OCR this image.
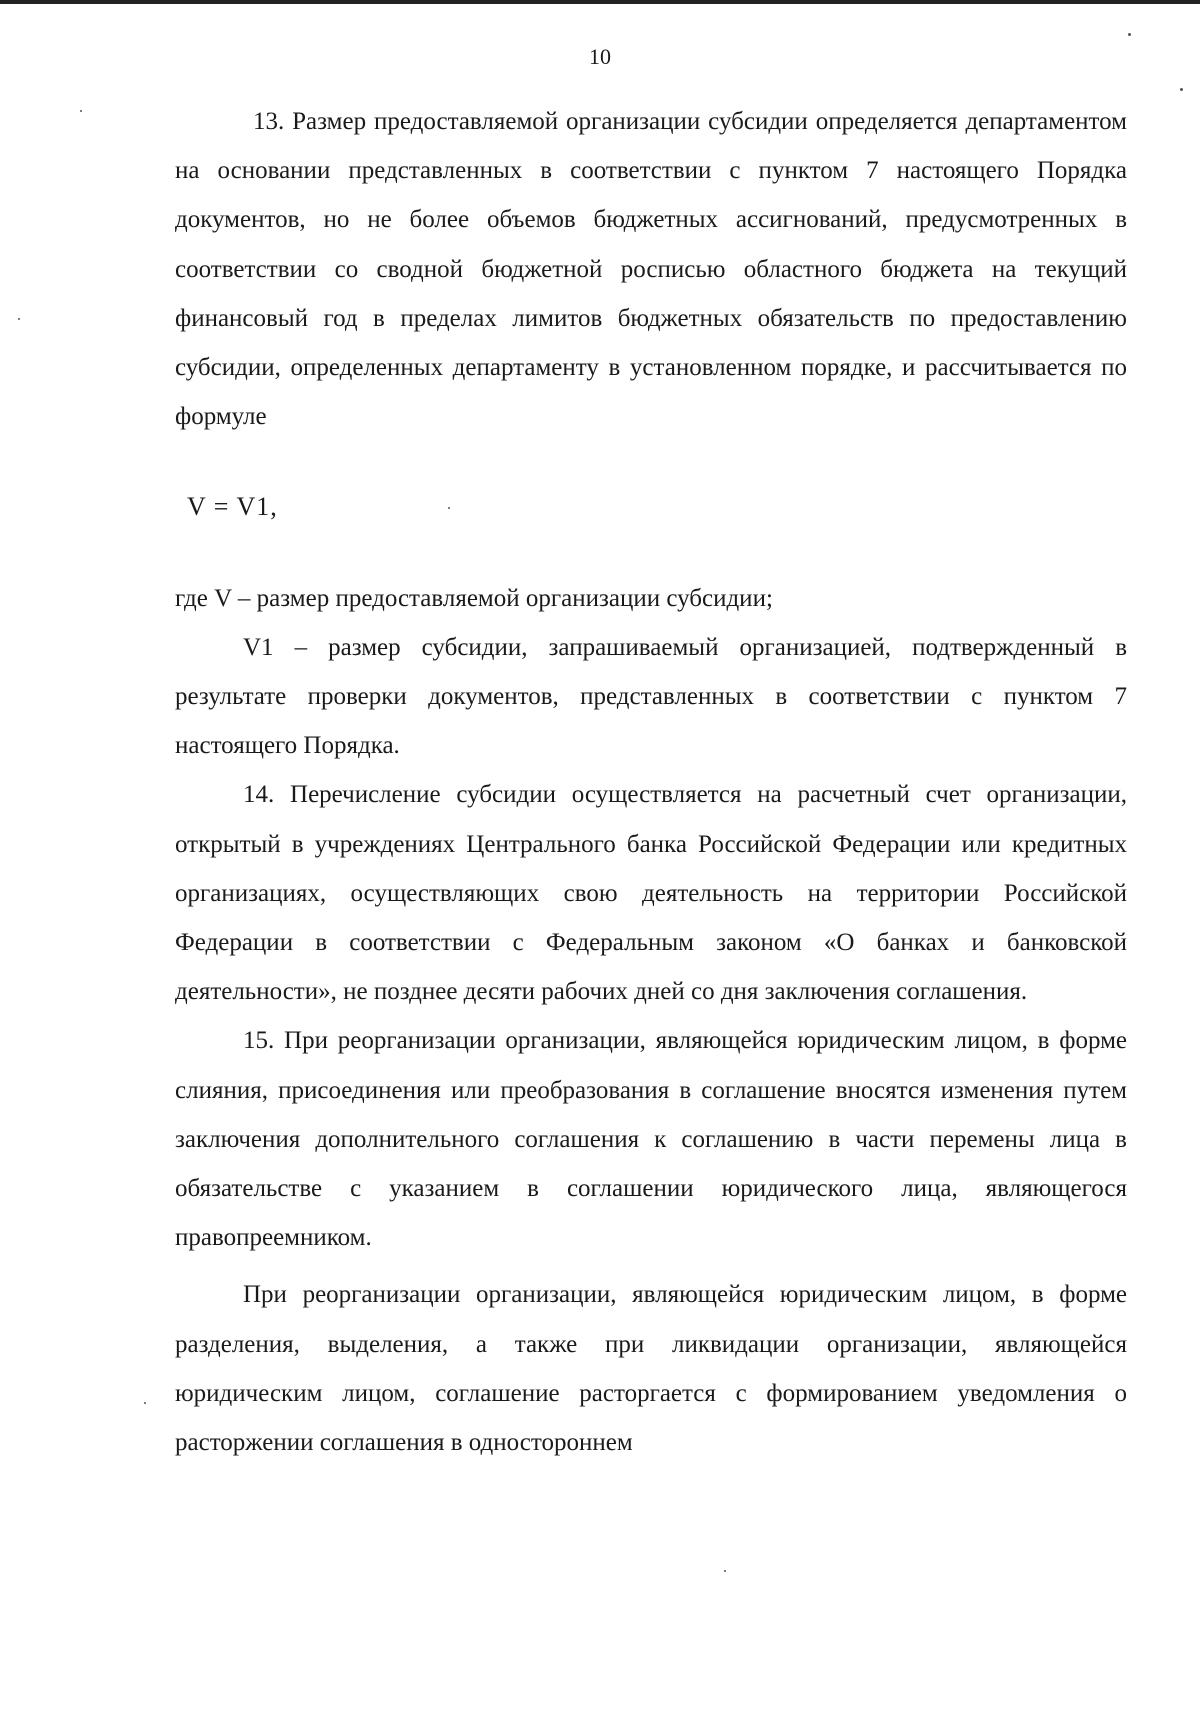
10

13. Размер предоставляемой организации субсидии определяется департаментом на основании представленных в соответствии с пунктом 7 настоящего Порядка документов, но не более объемов бюджетных ассигнований, предусмотренных в соответствии со сводной бюджетной росписью областного бюджета на текущий финансовый год в пределах лимитов бюджетных обязательств по предоставлению субсидии, определенных департаменту в установленном порядке, и рассчитывается по формуле

V = V1,

где V – размер предоставляемой организации субсидии;

V1 – размер субсидии, запрашиваемый организацией, подтвержденный в результате проверки документов, представленных в соответствии с пунктом 7 настоящего Порядка.

14. Перечисление субсидии осуществляется на расчетный счет организации, открытый в учреждениях Центрального банка Российской Федерации или кредитных организациях, осуществляющих свою деятельность на территории Российской Федерации в соответствии с Федеральным законом «О банках и банковской деятельности», не позднее десяти рабочих дней со дня заключения соглашения.

15. При реорганизации организации, являющейся юридическим лицом, в форме слияния, присоединения или преобразования в соглашение вносятся изменения путем заключения дополнительного соглашения к соглашению в части перемены лица в обязательстве с указанием в соглашении юридического лица, являющегося правопреемником.

При реорганизации организации, являющейся юридическим лицом, в форме разделения, выделения, а также при ликвидации организации, являющейся юридическим лицом, соглашение расторгается с формированием уведомления о расторжении соглашения в одностороннем
